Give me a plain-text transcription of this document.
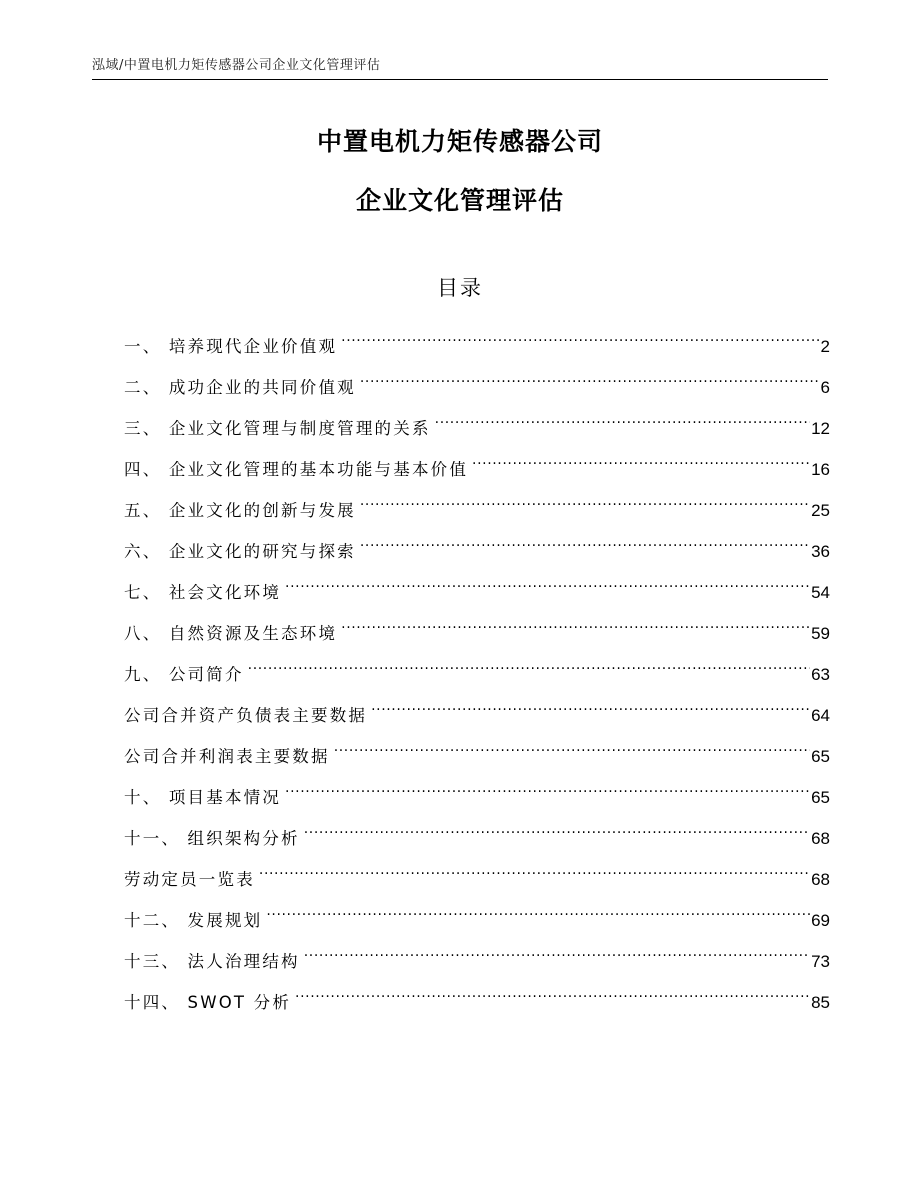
泓域/中置电机力矩传感器公司企业文化管理评估
中置电机力矩传感器公司
企业文化管理评估
目录
一、 培养现代企业价值观 .....	2
二、 成功企业的共同价值观 .....	6
三、 企业文化管理与制度管理的关系 .....	12
四、 企业文化管理的基本功能与基本价值 .....	16
五、 企业文化的创新与发展 .....	25
六、 企业文化的研究与探索 .....	36
七、 社会文化环境 .....	54
八、 自然资源及生态环境 .....	59
九、 公司简介 .....	63
公司合并资产负债表主要数据 .....	64
公司合并利润表主要数据 .....	65
十、 项目基本情况 .....	65
十一、 组织架构分析 .....	68
劳动定员一览表 .....	68
十二、 发展规划 .....	69
十三、 法人治理结构 .....	73
十四、 SWOT 分析 .....	85
